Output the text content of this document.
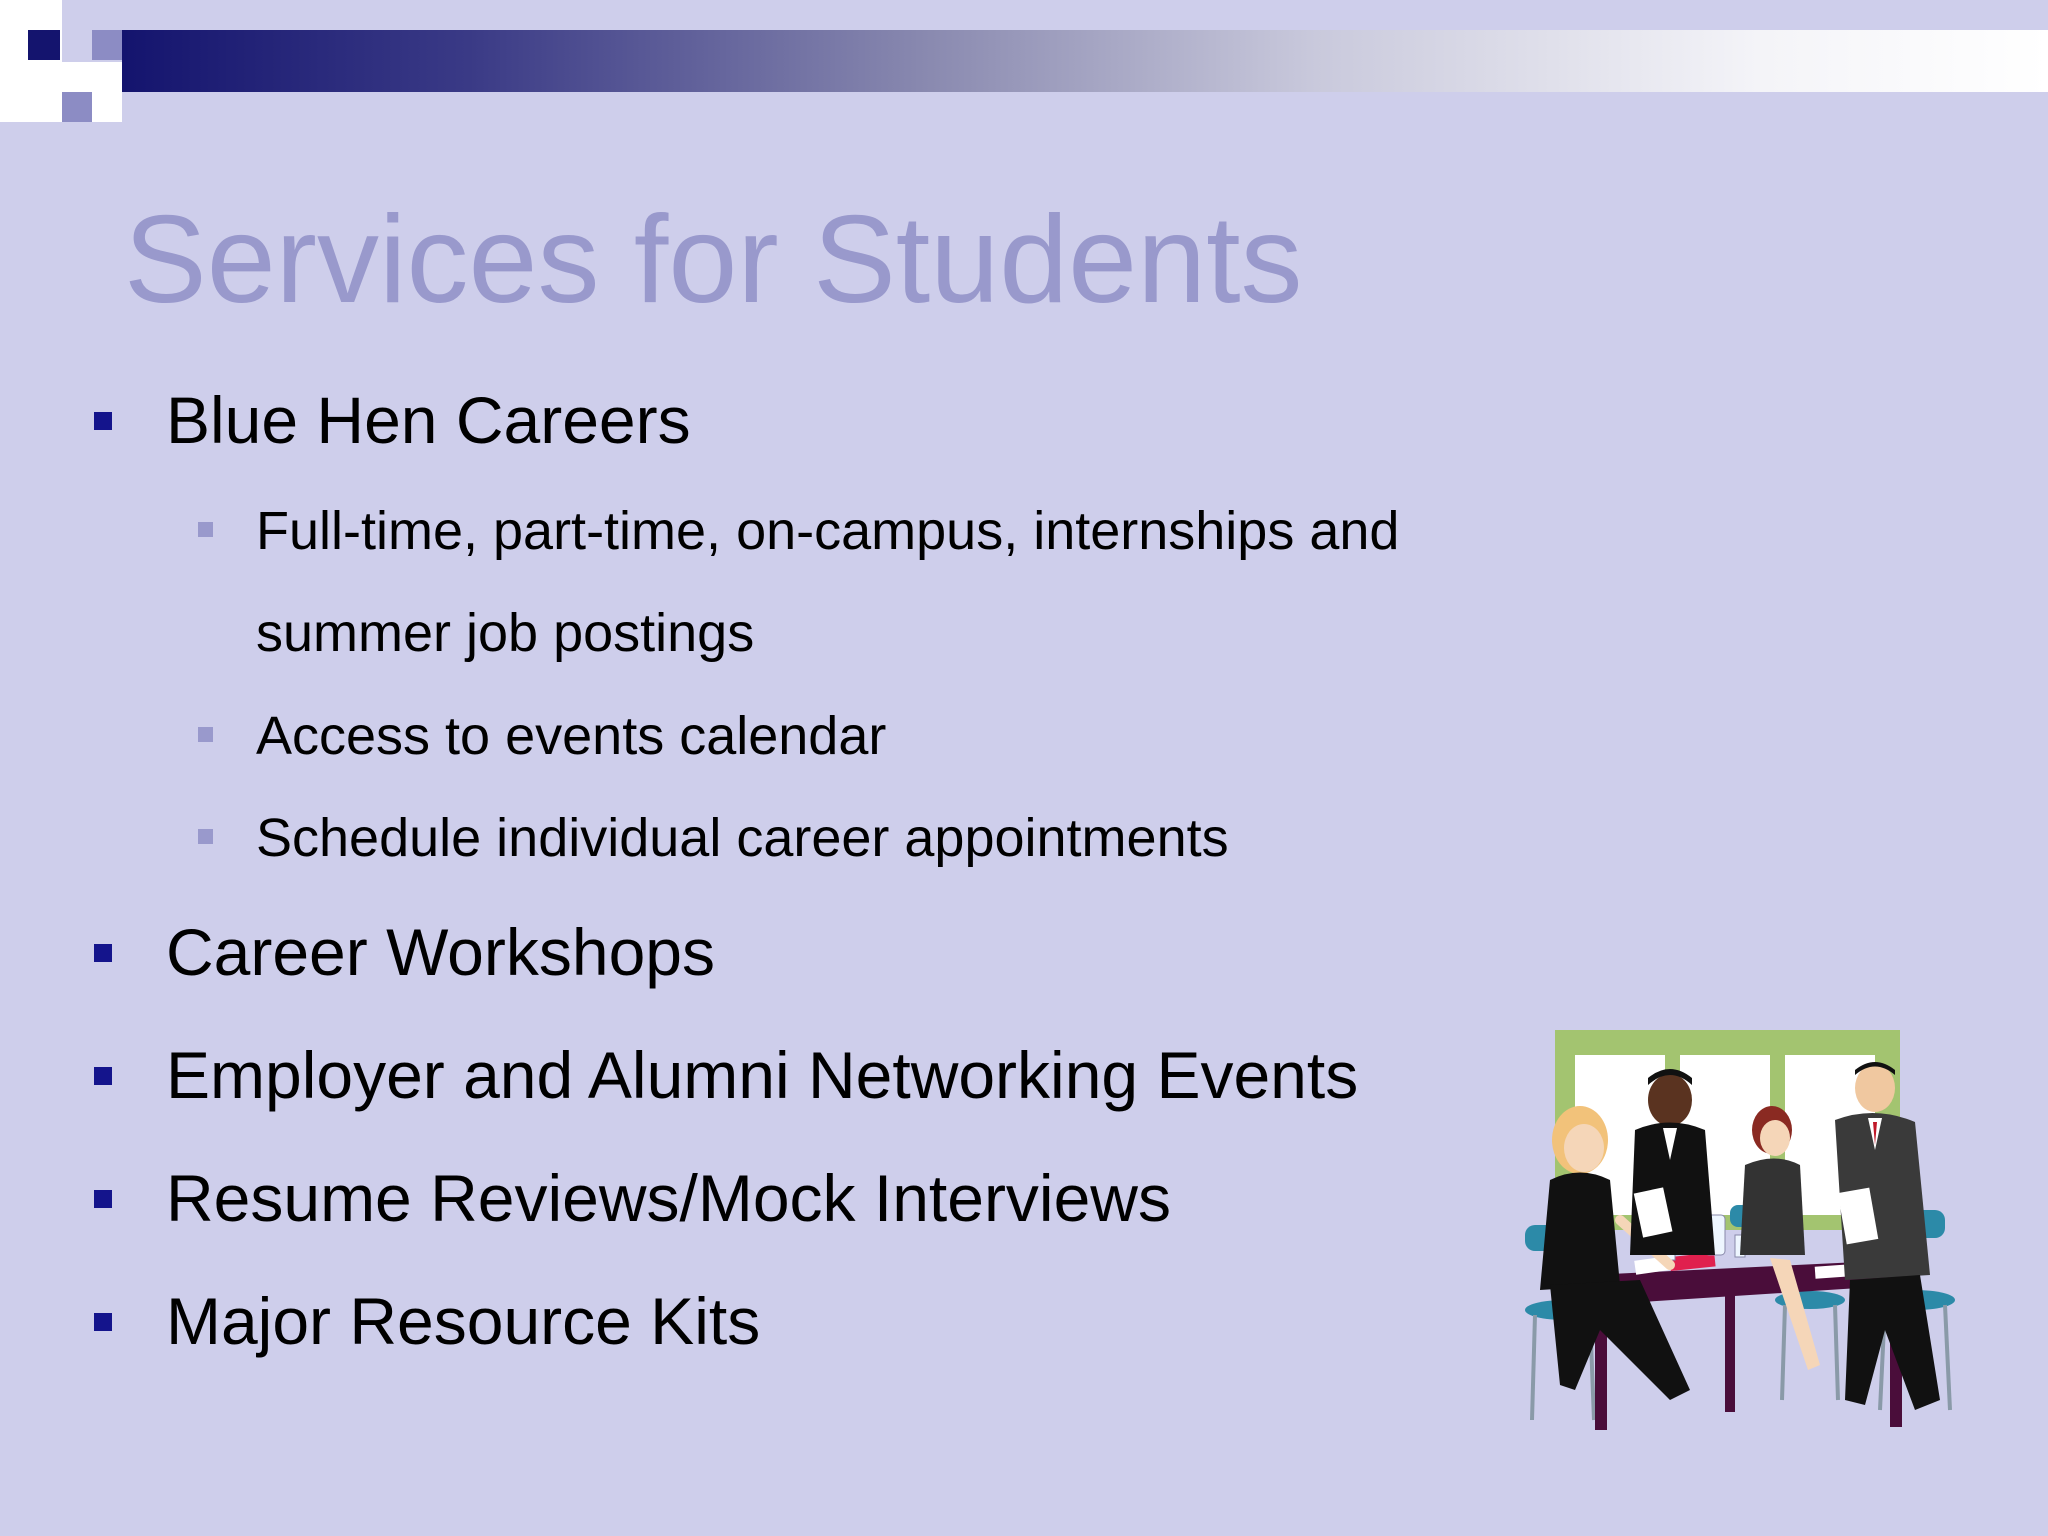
Services for Students
Blue Hen Careers
Full-time, part-time, on-campus, internships and
summer job postings
Access to events calendar
Schedule individual career appointments
Career Workshops
Employer and Alumni Networking Events
Resume Reviews/Mock Interviews
Major Resource Kits
